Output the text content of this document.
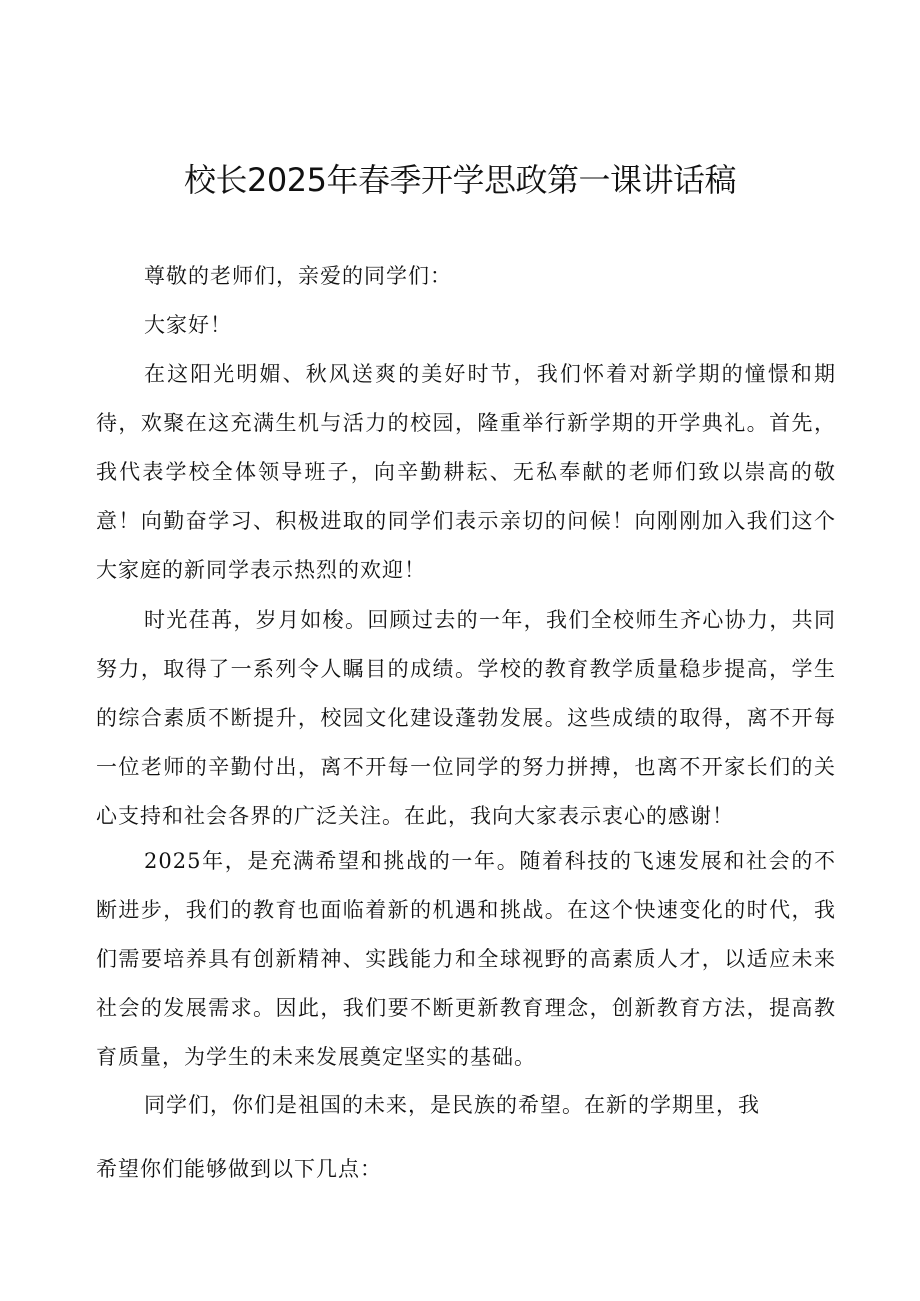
校长2025年春季开学思政第一课讲话稿

尊敬的老师们，亲爱的同学们：

大家好！

在这阳光明媚、秋风送爽的美好时节，我们怀着对新学期的憧憬和期待，欢聚在这充满生机与活力的校园，隆重举行新学期的开学典礼。首先，我代表学校全体领导班子，向辛勤耕耘、无私奉献的老师们致以崇高的敬意！向勤奋学习、积极进取的同学们表示亲切的问候！向刚刚加入我们这个大家庭的新同学表示热烈的欢迎！

时光荏苒，岁月如梭。回顾过去的一年，我们全校师生齐心协力，共同努力，取得了一系列令人瞩目的成绩。学校的教育教学质量稳步提高，学生的综合素质不断提升，校园文化建设蓬勃发展。这些成绩的取得，离不开每一位老师的辛勤付出，离不开每一位同学的努力拼搏，也离不开家长们的关心支持和社会各界的广泛关注。在此，我向大家表示衷心的感谢！

2025年，是充满希望和挑战的一年。随着科技的飞速发展和社会的不断进步，我们的教育也面临着新的机遇和挑战。在这个快速变化的时代，我们需要培养具有创新精神、实践能力和全球视野的高素质人才，以适应未来社会的发展需求。因此，我们要不断更新教育理念，创新教育方法，提高教育质量，为学生的未来发展奠定坚实的基础。

同学们，你们是祖国的未来，是民族的希望。在新的学期里，我

希望你们能够做到以下几点：
